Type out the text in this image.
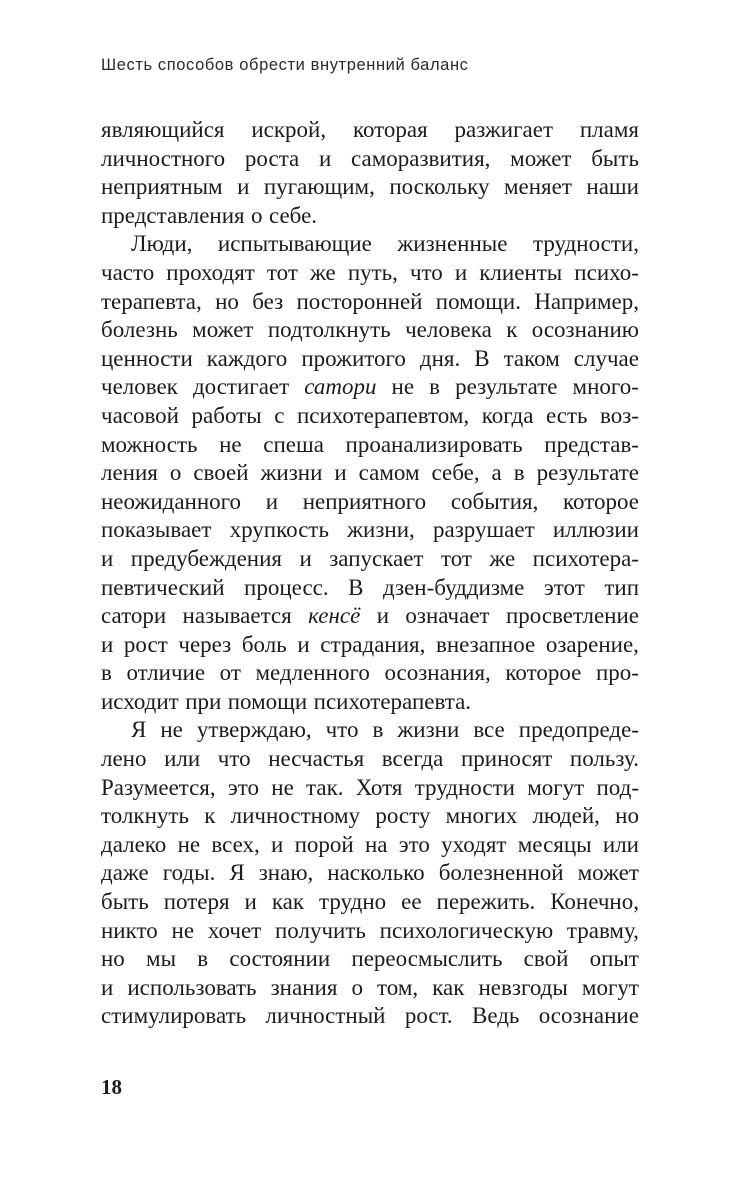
Шесть способов обрести внутренний баланс
являющийся искрой, которая разжигает пламя
личностного роста и саморазвития, может быть
неприятным и пугающим, поскольку меняет наши
представления о себе.
Люди, испытывающие жизненные трудности,
часто проходят тот же путь, что и клиенты психо-
терапевта, но без посторонней помощи. Например,
болезнь может подтолкнуть человека к осознанию
ценности каждого прожитого дня. В таком случае
человек достигает сатори не в результате много-
часовой работы с психотерапевтом, когда есть воз-
можность не спеша проанализировать представ-
ления о своей жизни и самом себе, а в результате
неожиданного и неприятного события, которое
показывает хрупкость жизни, разрушает иллюзии
и предубеждения и запускает тот же психотера-
певтический процесс. В дзен-буддизме этот тип
сатори называется кенсё и означает просветление
и рост через боль и страдания, внезапное озарение,
в отличие от медленного осознания, которое про-
исходит при помощи психотерапевта.
Я не утверждаю, что в жизни все предопреде-
лено или что несчастья всегда приносят пользу.
Разумеется, это не так. Хотя трудности могут под-
толкнуть к личностному росту многих людей, но
далеко не всех, и порой на это уходят месяцы или
даже годы. Я знаю, насколько болезненной может
быть потеря и как трудно ее пережить. Конечно,
никто не хочет получить психологическую травму,
но мы в состоянии переосмыслить свой опыт
и использовать знания о том, как невзгоды могут
стимулировать личностный рост. Ведь осознание
18
